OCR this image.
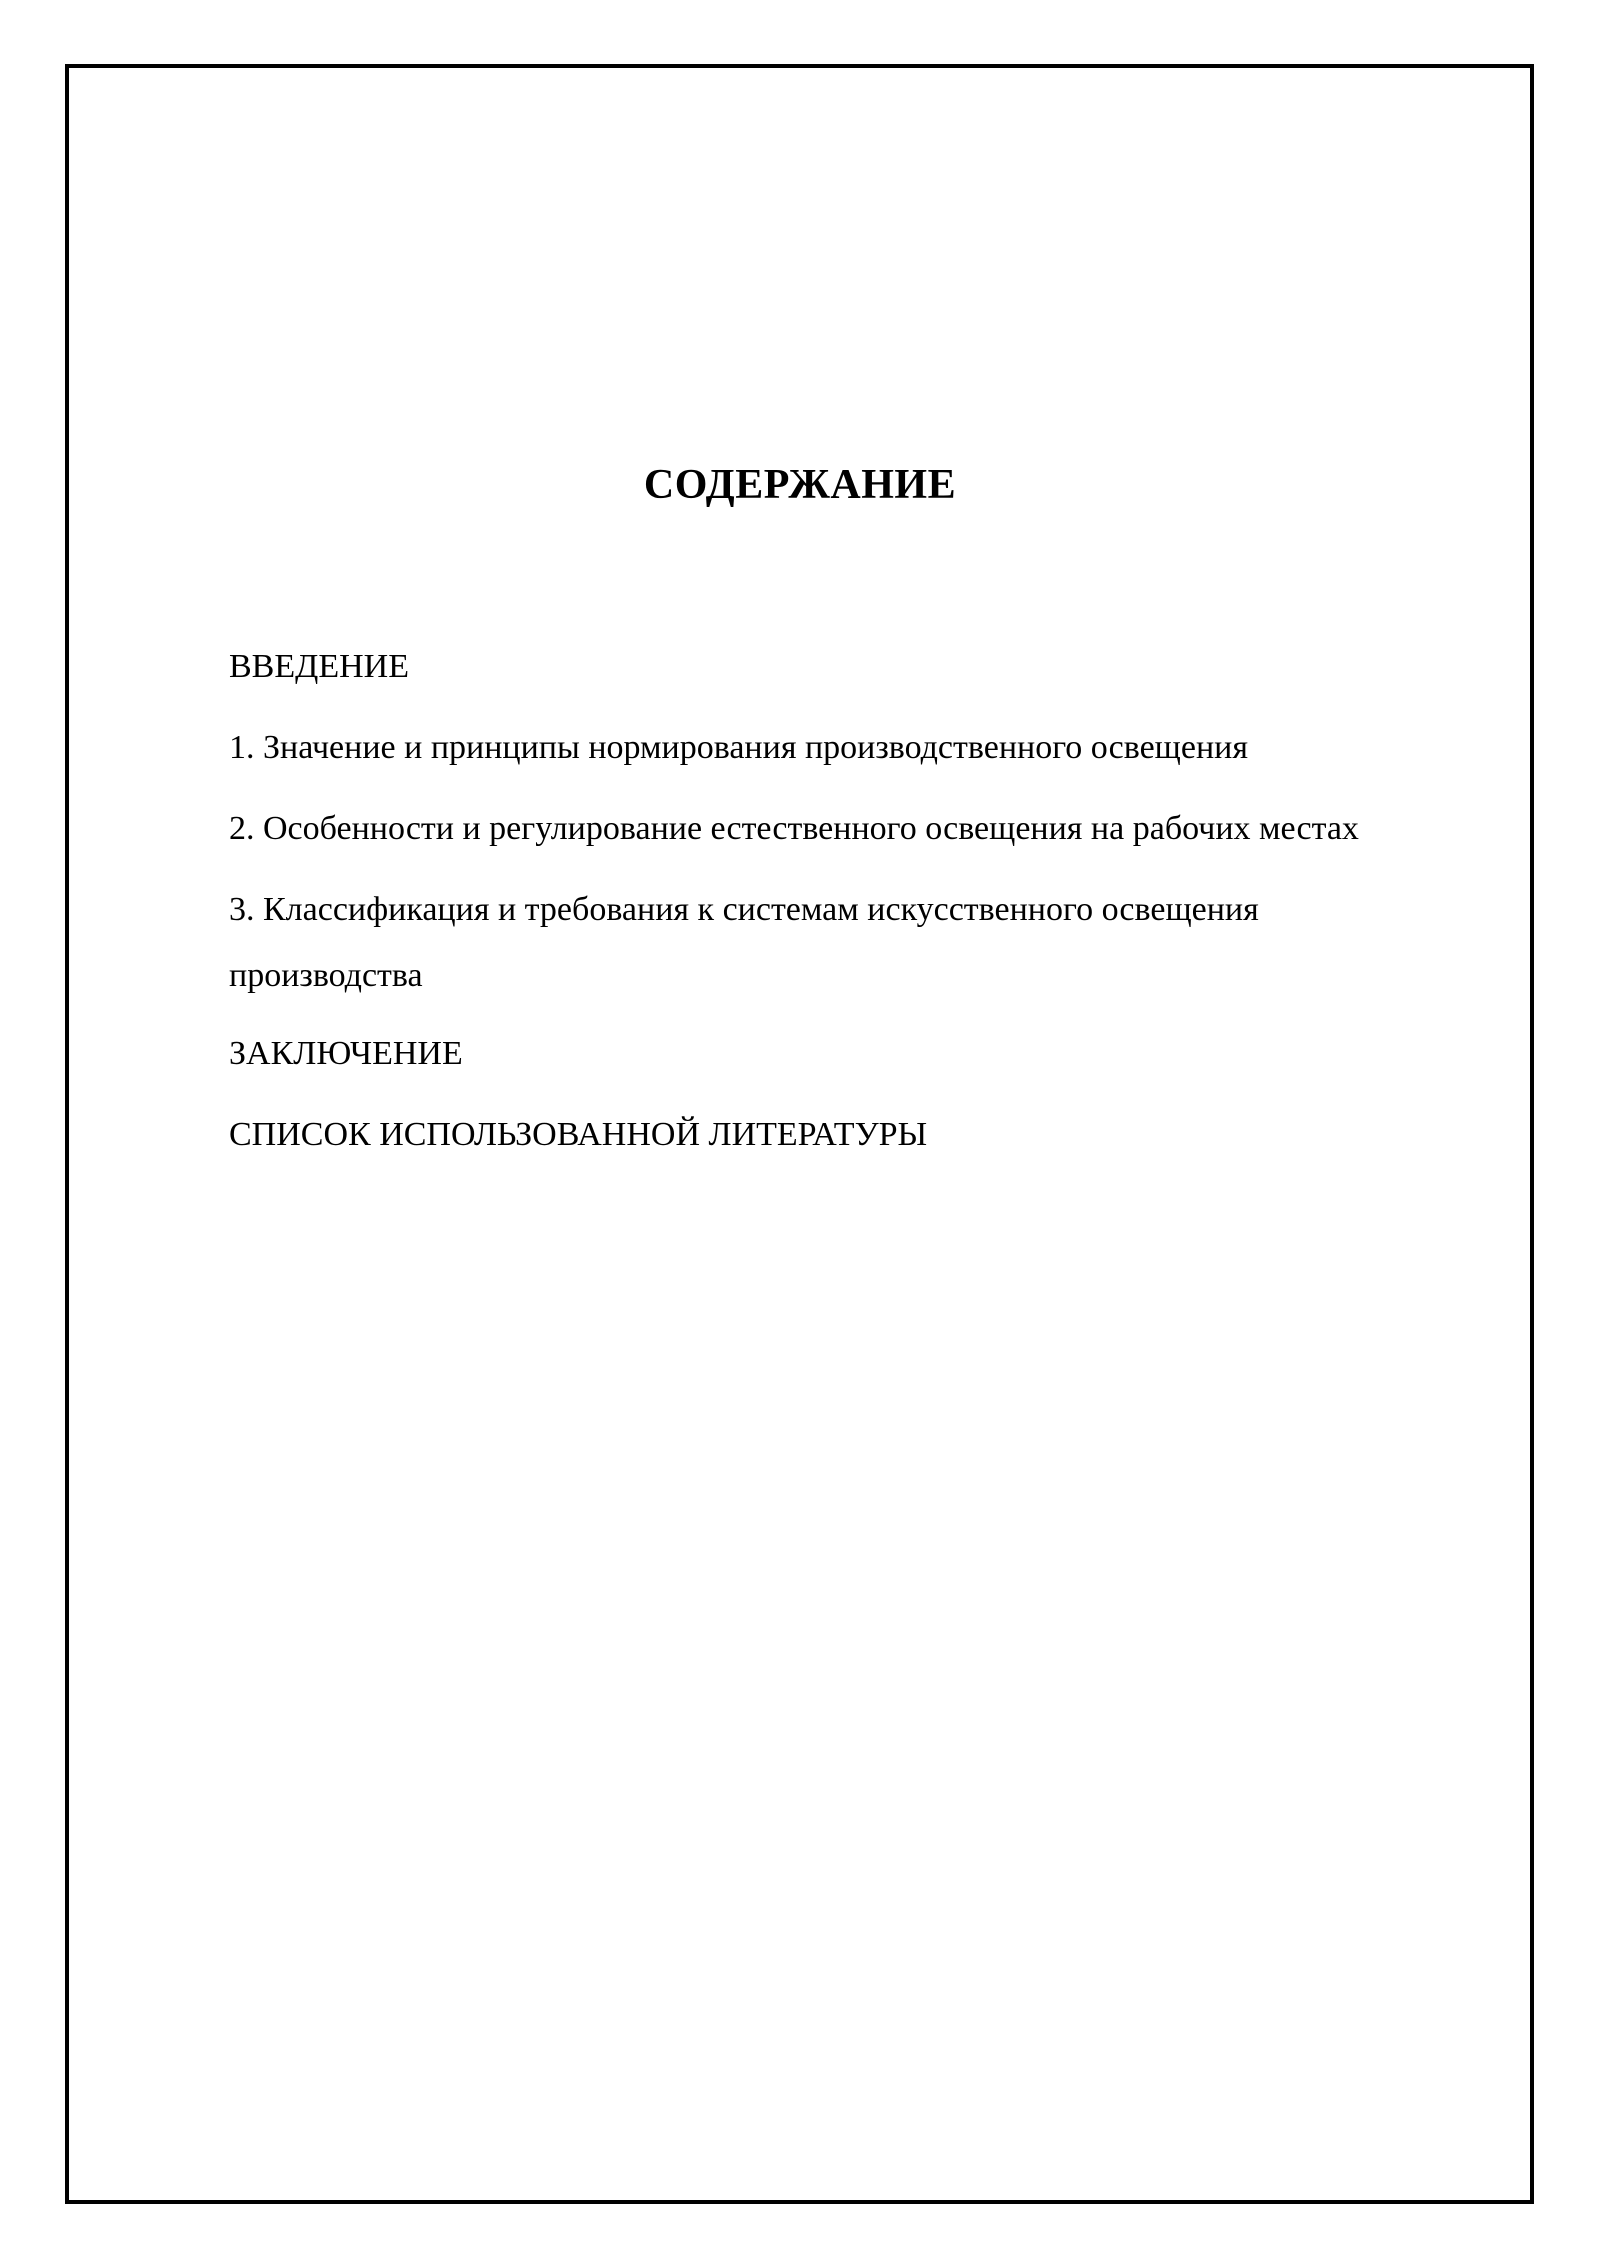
СОДЕРЖАНИЕ
ВВЕДЕНИЕ
1. Значение и принципы нормирования производственного освещения
2. Особенности и регулирование естественного освещения на рабочих местах
3. Классификация и требования к системам искусственного освещения производства
ЗАКЛЮЧЕНИЕ
СПИСОК ИСПОЛЬЗОВАННОЙ ЛИТЕРАТУРЫ
